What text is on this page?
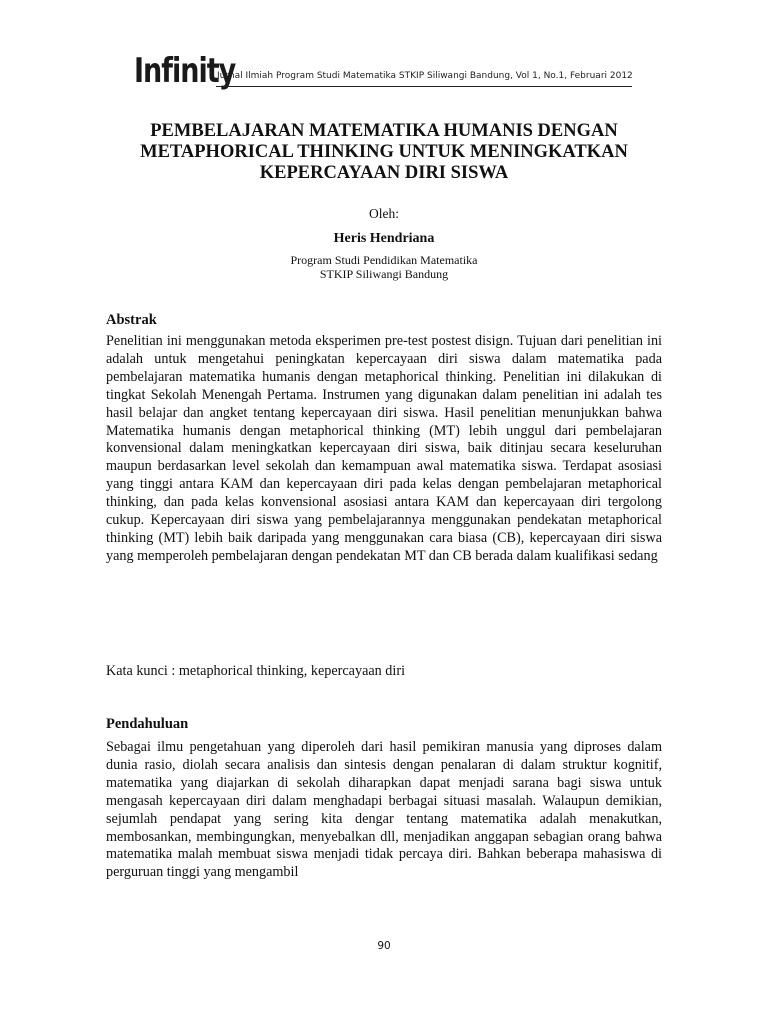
Infinity
Jurnal Ilmiah Program Studi Matematika STKIP Siliwangi Bandung, Vol 1, No.1, Februari 2012
PEMBELAJARAN MATEMATIKA HUMANIS DENGAN METAPHORICAL THINKING UNTUK MENINGKATKAN KEPERCAYAAN DIRI SISWA
Oleh:
Heris Hendriana
Program Studi Pendidikan Matematika
STKIP Siliwangi Bandung
Abstrak

Penelitian ini menggunakan metoda eksperimen pre-test postest disign. Tujuan dari penelitian ini adalah untuk mengetahui peningkatan kepercayaan diri siswa dalam matematika pada pembelajaran matematika humanis dengan metaphorical thinking. Penelitian ini dilakukan di tingkat Sekolah Menengah Pertama. Instrumen yang digunakan dalam penelitian ini adalah tes hasil belajar dan angket tentang kepercayaan diri siswa. Hasil penelitian menunjukkan bahwa Matematika humanis dengan metaphorical thinking (MT) lebih unggul dari pembelajaran konvensional dalam meningkatkan kepercayaan diri siswa, baik ditinjau secara keseluruhan maupun berdasarkan level sekolah dan kemampuan awal matematika siswa. Terdapat asosiasi yang tinggi antara KAM dan kepercayaan diri pada kelas dengan pembelajaran metaphorical thinking, dan pada kelas konvensional asosiasi antara KAM dan kepercayaan diri tergolong cukup. Kepercayaan diri siswa yang pembelajarannya menggunakan pendekatan metaphorical thinking (MT) lebih baik daripada yang menggunakan cara biasa (CB), kepercayaan diri siswa yang memperoleh pembelajaran dengan pendekatan MT dan CB berada dalam kualifikasi sedang

Kata kunci : metaphorical thinking, kepercayaan diri
Pendahuluan

Sebagai ilmu pengetahuan yang diperoleh dari hasil pemikiran manusia yang diproses dalam dunia rasio, diolah secara analisis dan sintesis dengan penalaran di dalam struktur kognitif, matematika yang diajarkan di sekolah diharapkan dapat menjadi sarana bagi siswa untuk mengasah kepercayaan diri dalam menghadapi berbagai situasi masalah. Walaupun demikian, sejumlah pendapat yang sering kita dengar tentang matematika adalah menakutkan, membosankan, membingungkan, menyebalkan dll, menjadikan anggapan sebagian orang bahwa matematika malah membuat siswa menjadi tidak percaya diri. Bahkan beberapa mahasiswa di perguruan tinggi yang mengambil

90
